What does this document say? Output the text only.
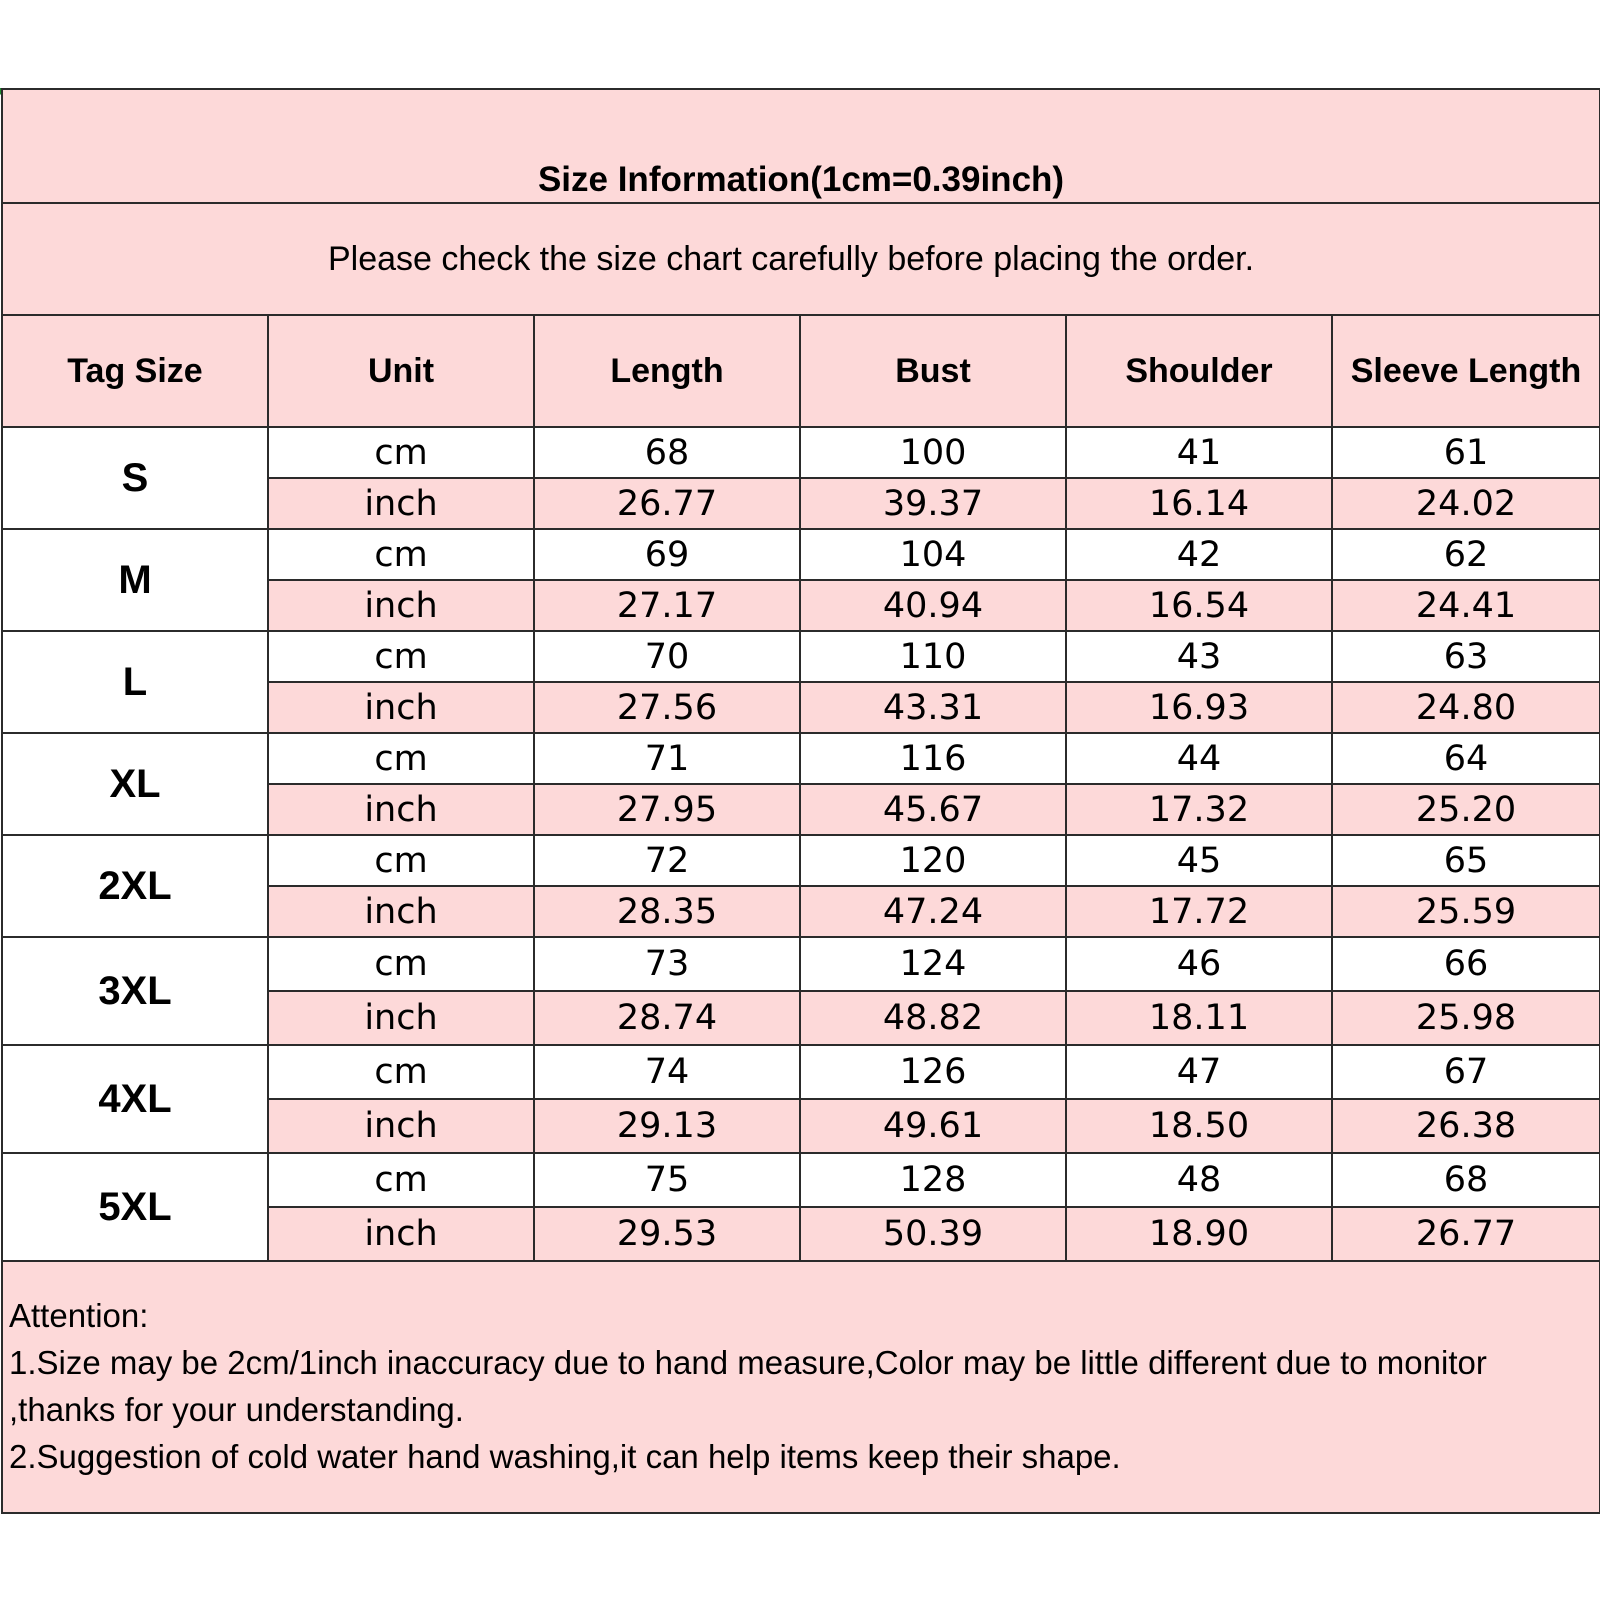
Size Information(1cm=0.39inch)					
Please check the size chart carefully before placing the order.					
Tag Size	Unit	Length	Bust	Shoulder	Sleeve Length
S	cm	68	100	41	61
	inch	26.77	39.37	16.14	24.02
M	cm	69	104	42	62
	inch	27.17	40.94	16.54	24.41
L	cm	70	110	43	63
	inch	27.56	43.31	16.93	24.80
XL	cm	71	116	44	64
	inch	27.95	45.67	17.32	25.20
2XL	cm	72	120	45	65
	inch	28.35	47.24	17.72	25.59
3XL	cm	73	124	46	66
	inch	28.74	48.82	18.11	25.98
4XL	cm	74	126	47	67
	inch	29.13	49.61	18.50	26.38
5XL	cm	75	128	48	68
	inch	29.53	50.39	18.90	26.77

Attention:
1.Size may be 2cm/1inch inaccuracy due to hand measure,Color may be little different due to monitor ,thanks for your understanding.
2.Suggestion of cold water hand washing,it can help items keep their shape.					
